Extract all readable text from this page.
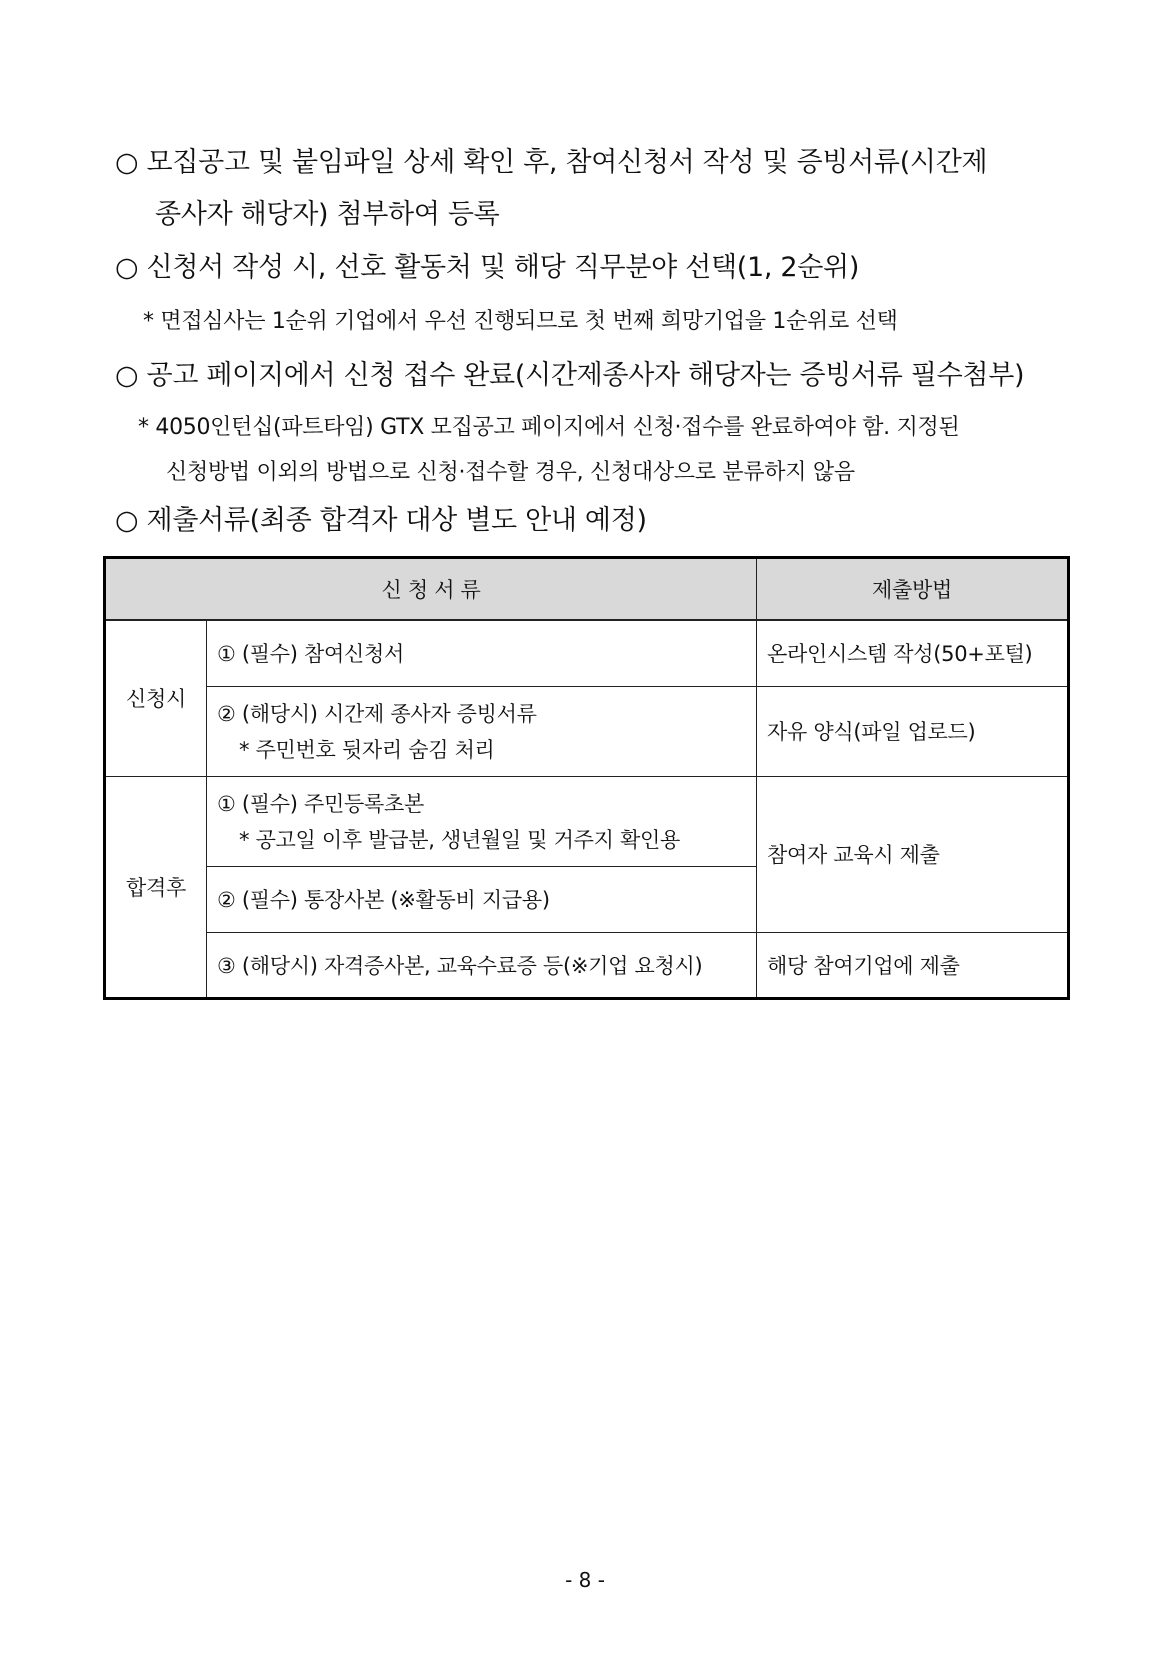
○ 모집공고 및 붙임파일 상세 확인 후, 참여신청서 작성 및 증빙서류(시간제
종사자 해당자) 첨부하여 등록
○ 신청서 작성 시, 선호 활동처 및 해당 직무분야 선택(1, 2순위)
* 면접심사는 1순위 기업에서 우선 진행되므로 첫 번째 희망기업을 1순위로 선택
○ 공고 페이지에서 신청 접수 완료(시간제종사자 해당자는 증빙서류 필수첨부)
* 4050인턴십(파트타임) GTX 모집공고 페이지에서 신청·접수를 완료하여야 함. 지정된
신청방법 이외의 방법으로 신청·접수할 경우, 신청대상으로 분류하지 않음
○ 제출서류(최종 합격자 대상 별도 안내 예정)
신 청 서 류		제출방법
신청시	① (필수) 참여신청서	온라인시스템 작성(50+포털)
	② (해당시) 시간제 종사자 증빙서류
* 주민번호 뒷자리 숨김 처리	자유 양식(파일 업로드)
합격후	① (필수) 주민등록초본
* 공고일 이후 발급분, 생년월일 및 거주지 확인용	참여자 교육시 제출
	② (필수) 통장사본 (※활동비 지급용)	
	③ (해당시) 자격증사본, 교육수료증 등(※기업 요청시)	해당 참여기업에 제출
- 8 -
